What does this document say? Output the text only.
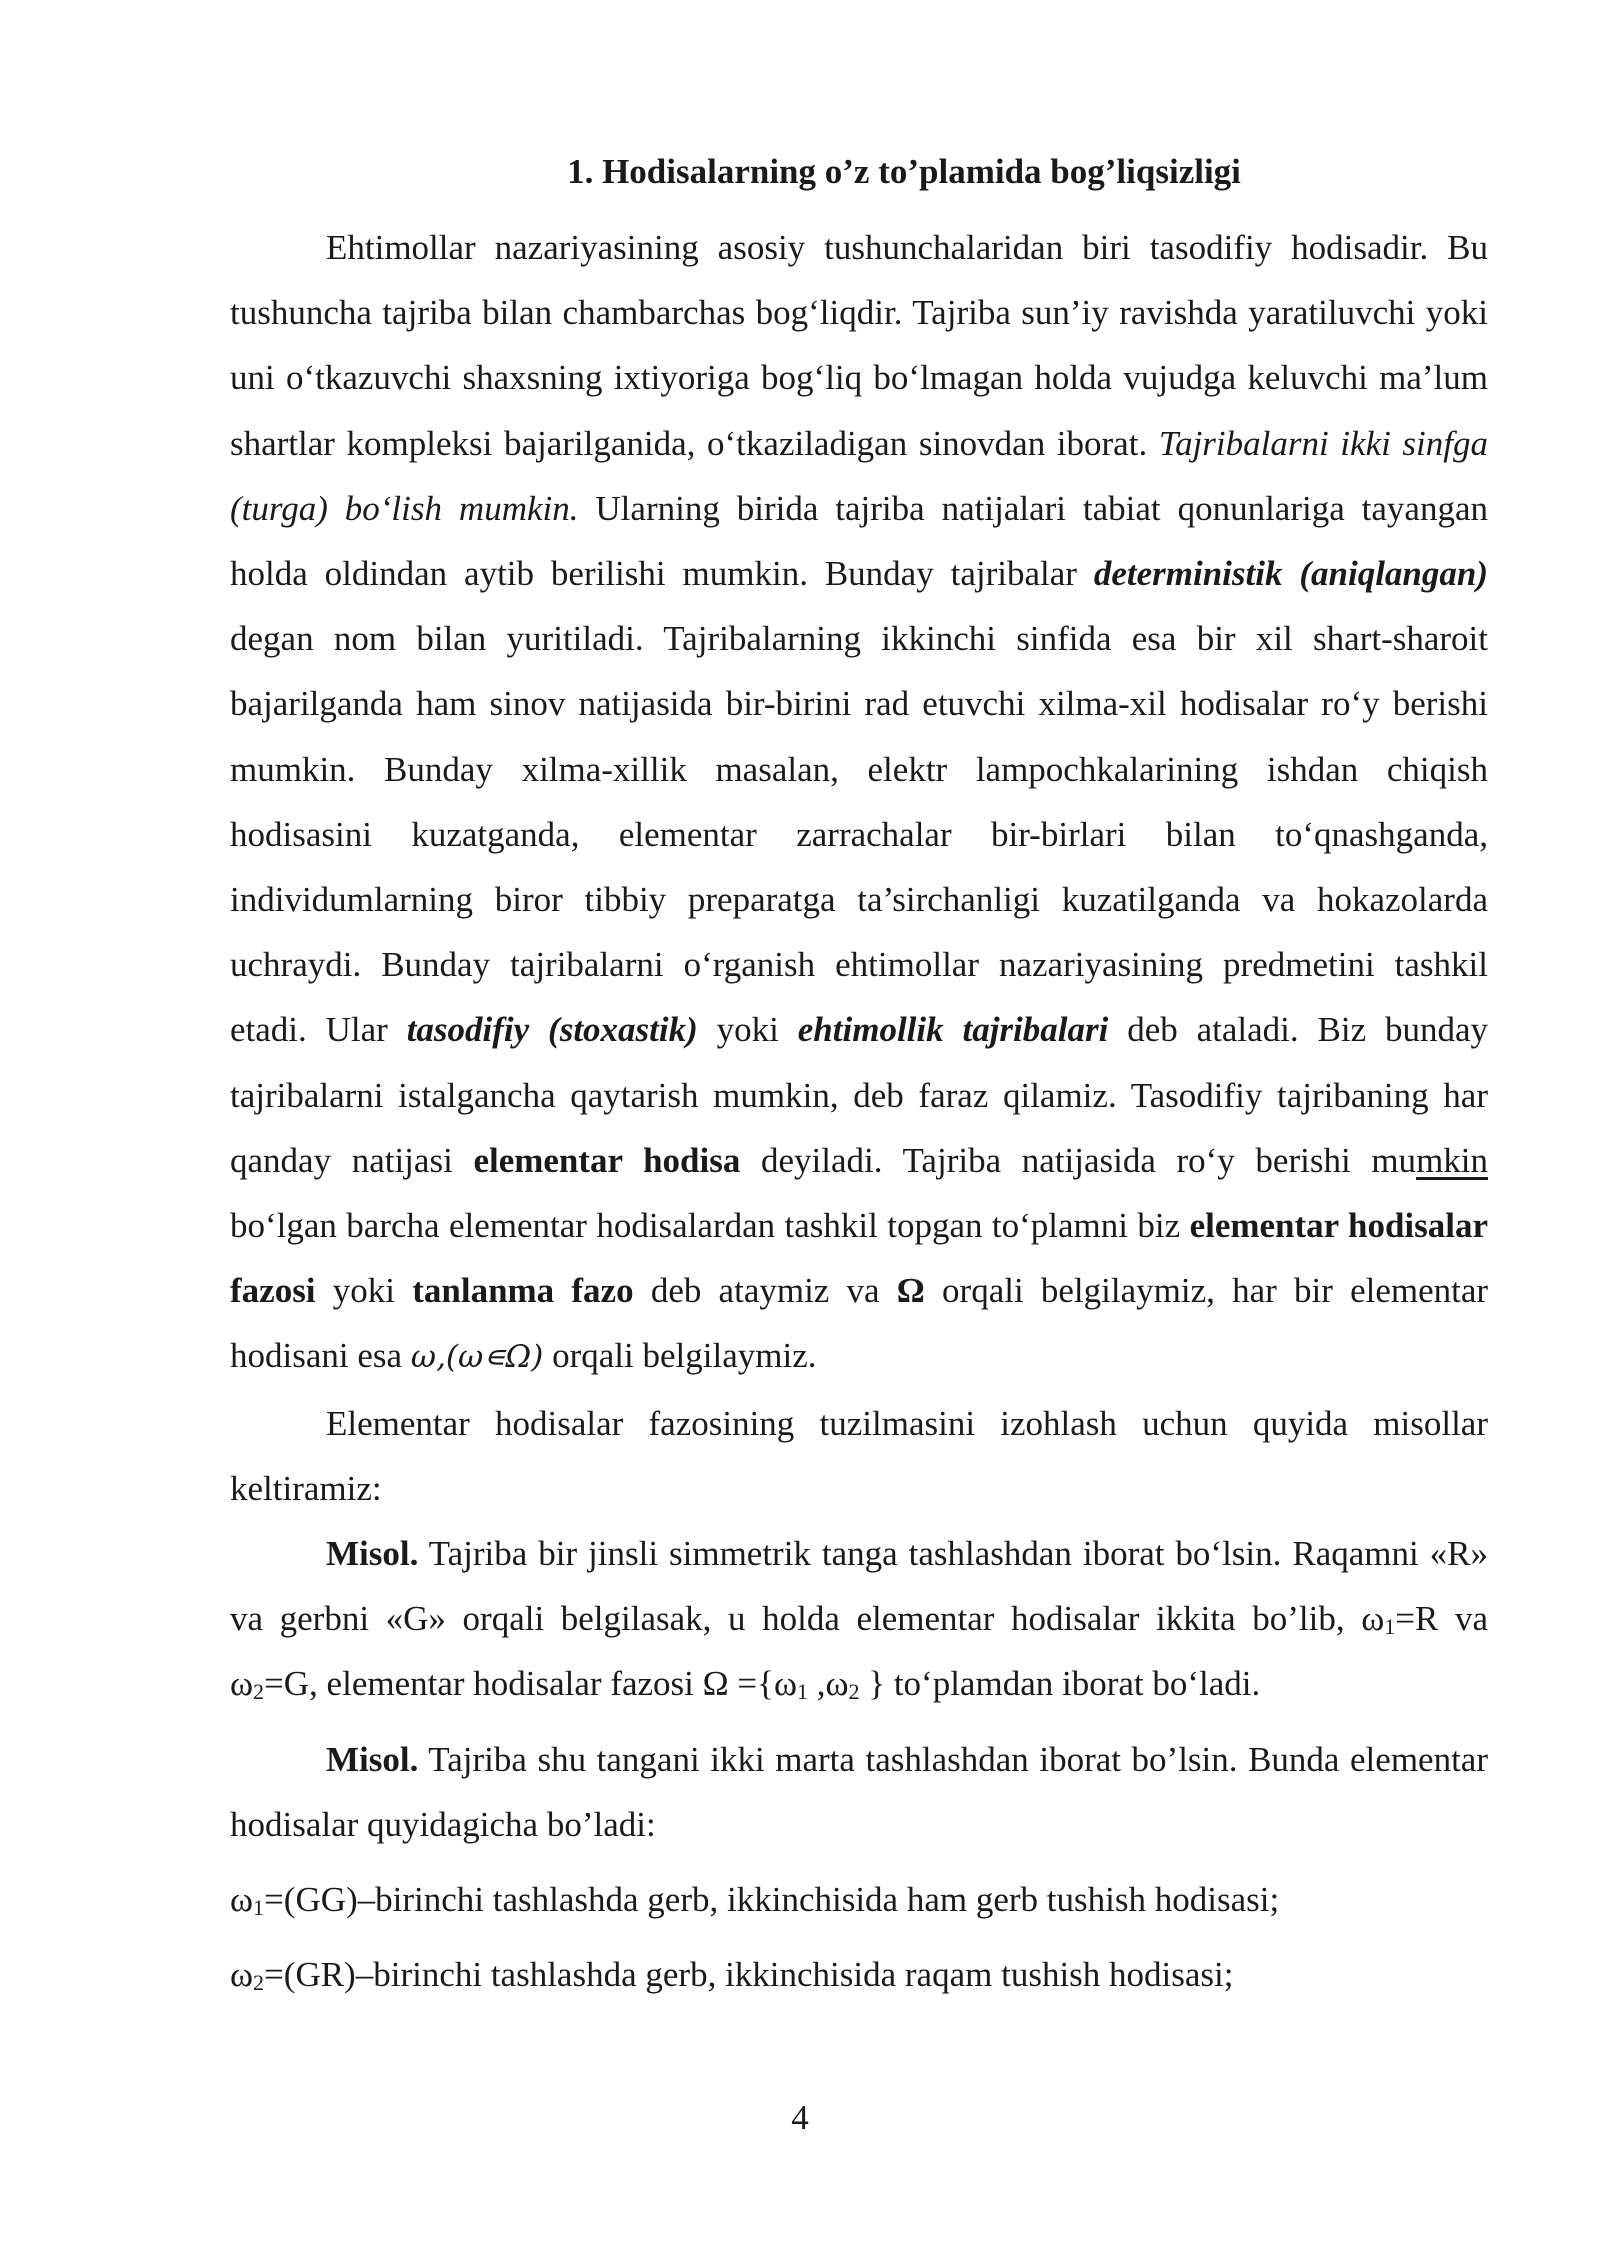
1. Hodisalarning o’z to’plamida bog’liqsizligi

Ehtimollar nazariyasining asosiy tushunchalaridan biri tasodifiy hodisadir. Bu tushuncha tajriba bilan chambarchas bog‘liqdir. Tajriba sun’iy ravishda yaratiluvchi yoki uni o‘tkazuvchi shaxsning ixtiyoriga bog‘liq bo‘lmagan holda vujudga keluvchi ma’lum shartlar kompleksi bajarilganida, o‘tkaziladigan sinovdan iborat. Tajribalarni ikki sinfga (turga) bo‘lish mumkin. Ularning birida tajriba natijalari tabiat qonunlariga tayangan holda oldindan aytib berilishi mumkin. Bunday tajribalar deterministik (aniqlangan) degan nom bilan yuritiladi. Tajribalarning ikkinchi sinfida esa bir xil shart-sharoit bajarilganda ham sinov natijasida bir-birini rad etuvchi xilma-xil hodisalar ro‘y berishi mumkin. Bunday xilma-xillik masalan, elektr lampochkalarining ishdan chiqish hodisasini kuzatganda, elementar zarrachalar bir-birlari bilan to‘qnashganda, individumlarning biror tibbiy preparatga ta’sirchanligi kuzatilganda va hokazolarda uchraydi. Bunday tajribalarni o‘rganish ehtimollar nazariyasining predmetini tashkil etadi. Ular tasodifiy (stoxastik) yoki ehtimollik tajribalari deb ataladi. Biz bunday tajribalarni istalgancha qaytarish mumkin, deb faraz qilamiz. Tasodifiy tajribaning har qanday natijasi elementar hodisa deyiladi. Tajriba natijasida ro‘y berishi mumkin bo‘lgan barcha elementar hodisalardan tashkil topgan to‘plamni biz elementar hodisalar fazosi yoki tanlanma fazo deb ataymiz va Ω orqali belgilaymiz, har bir elementar hodisani esa ω,(ω∊Ω) orqali belgilaymiz.

Elementar hodisalar fazosining tuzilmasini izohlash uchun quyida misollar keltiramiz:

Misol. Tajriba bir jinsli simmetrik tanga tashlashdan iborat bo‘lsin. Raqamni «R» va gerbni «G» orqali belgilasak, u holda elementar hodisalar ikkita bo’lib, ω1=R va ω2=G, elementar hodisalar fazosi Ω ={ω1 ,ω2 } to‘plamdan iborat bo‘ladi.

Misol. Tajriba shu tangani ikki marta tashlashdan iborat bo’lsin. Bunda elementar hodisalar quyidagicha bo’ladi:

ω1=(GG)–birinchi tashlashda gerb, ikkinchisida ham gerb tushish hodisasi;

ω2=(GR)–birinchi tashlashda gerb, ikkinchisida raqam tushish hodisasi;

4
